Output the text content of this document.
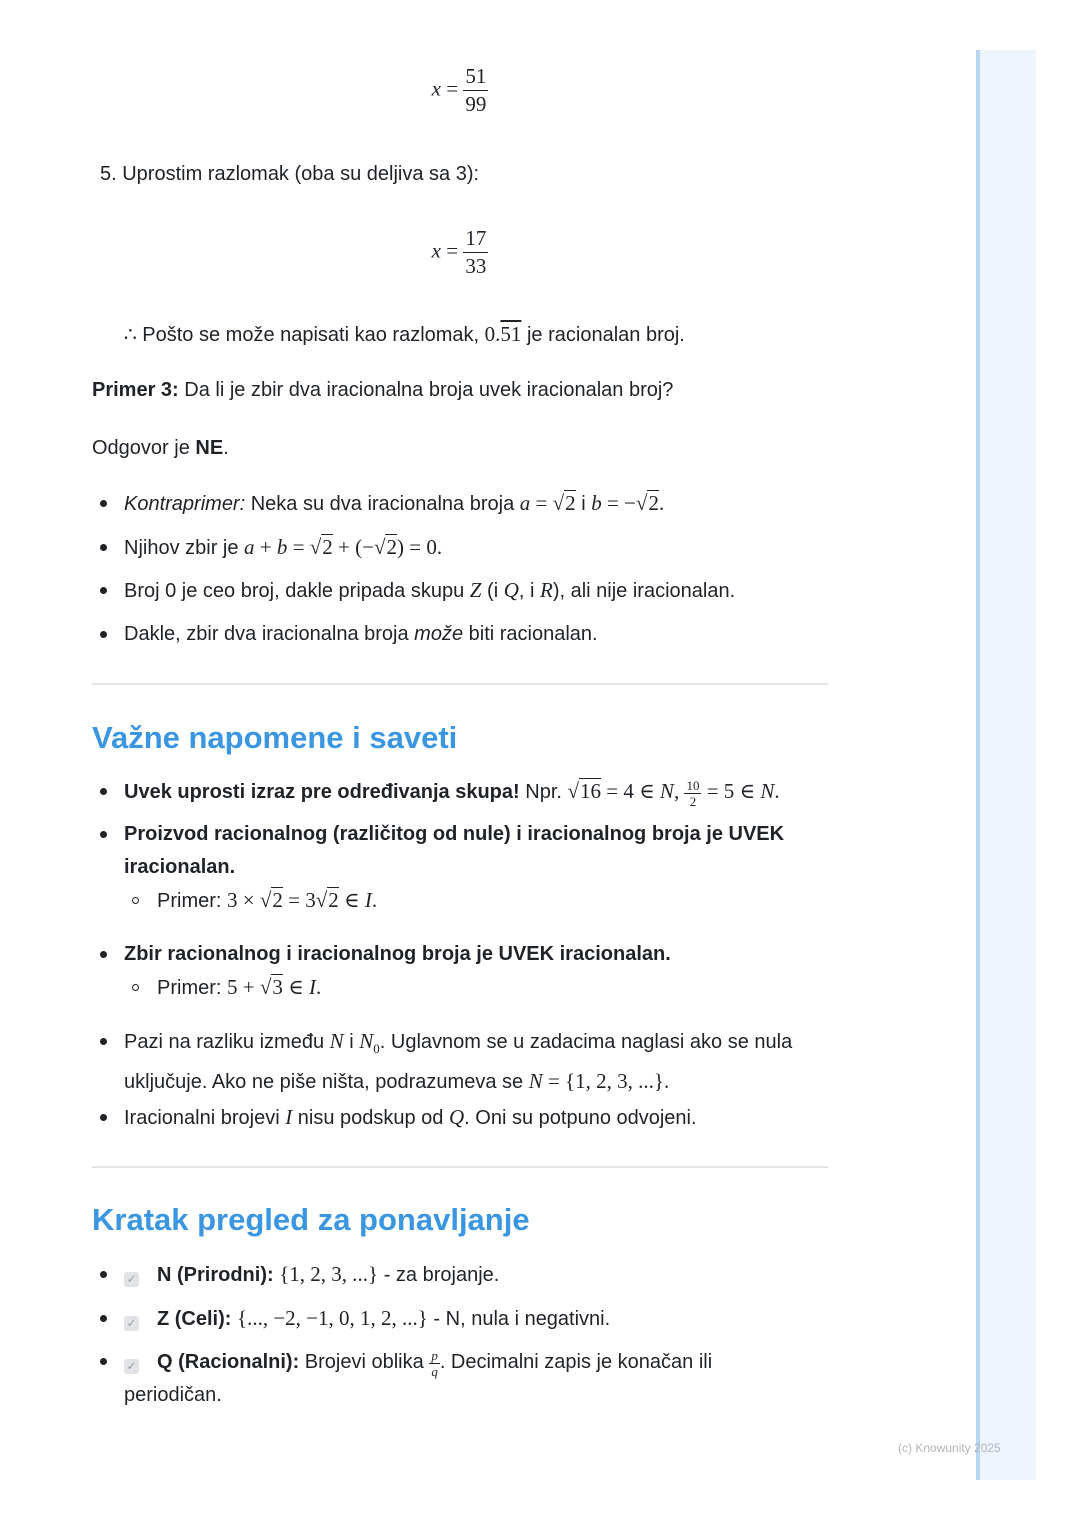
$x = \frac{51}{99}$
5. Uprostim razlomak (oba su deljiva sa 3):
$x = \frac{17}{33}$
∴ Pošto se može napisati kao razlomak, 0.51 je racionalan broj.
Primer 3: Da li je zbir dva iracionalna broja uvek iracionalan broj?
Odgovor je NE.
Kontraprimer: Neka su dva iracionalna broja a = √2 i b = −√2.
Njihov zbir je a + b = √2 + (−√2) = 0.
Broj 0 je ceo broj, dakle pripada skupu Z (i Q, i R), ali nije iracionalan.
Dakle, zbir dva iracionalna broja može biti racionalan.
Važne napomene i saveti
Uvek uprosti izraz pre određivanja skupa! Npr. √16 = 4 ∈ N, $\frac{10}{2} = 5$ ∈ N.
Proizvod racionalnog (različitog od nule) i iracionalnog broja je UVEK iracionalan.
Primer: 3 × √2 = 3√2 ∈ I.
Zbir racionalnog i iracionalnog broja je UVEK iracionalan.
Primer: 5 + √3 ∈ I.
Pazi na razliku između N i $N_0$. Uglavnom se u zadacima naglasi ako se nula uključuje. Ako ne piše ništa, podrazumeva se N = {1, 2, 3, ...}.
Iracionalni brojevi I nisu podskup od Q. Oni su potpuno odvojeni.
Kratak pregled za ponavljanje
✓ N (Prirodni): {1, 2, 3, ...} - za brojanje.
✓ Z (Celi): {..., −2, −1, 0, 1, 2, ...} - N, nula i negativni.
✓ Q (Racionalni): Brojevi oblika $\frac{p}{q}$ . Decimalni zapis je konačan ili periodičan.
(c) Knowunity 2025
